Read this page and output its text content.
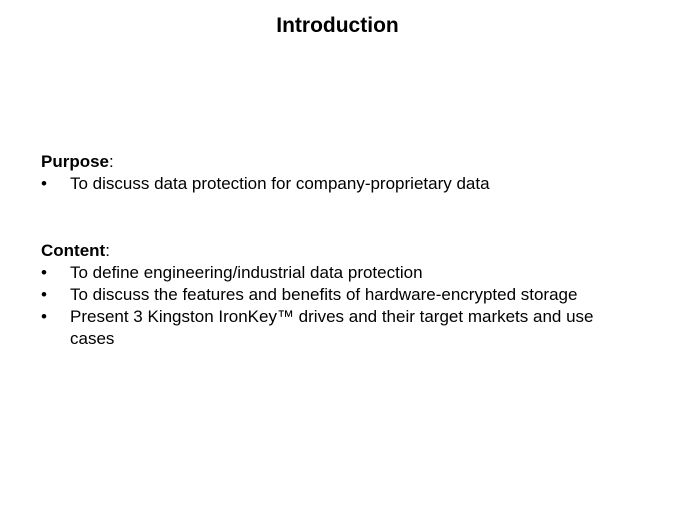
Introduction
Purpose:
• To discuss data protection for company-proprietary data
Content:
• To define engineering/industrial data protection
• To discuss the features and benefits of hardware-encrypted storage
• Present 3 Kingston IronKey™ drives and their target markets and use cases
